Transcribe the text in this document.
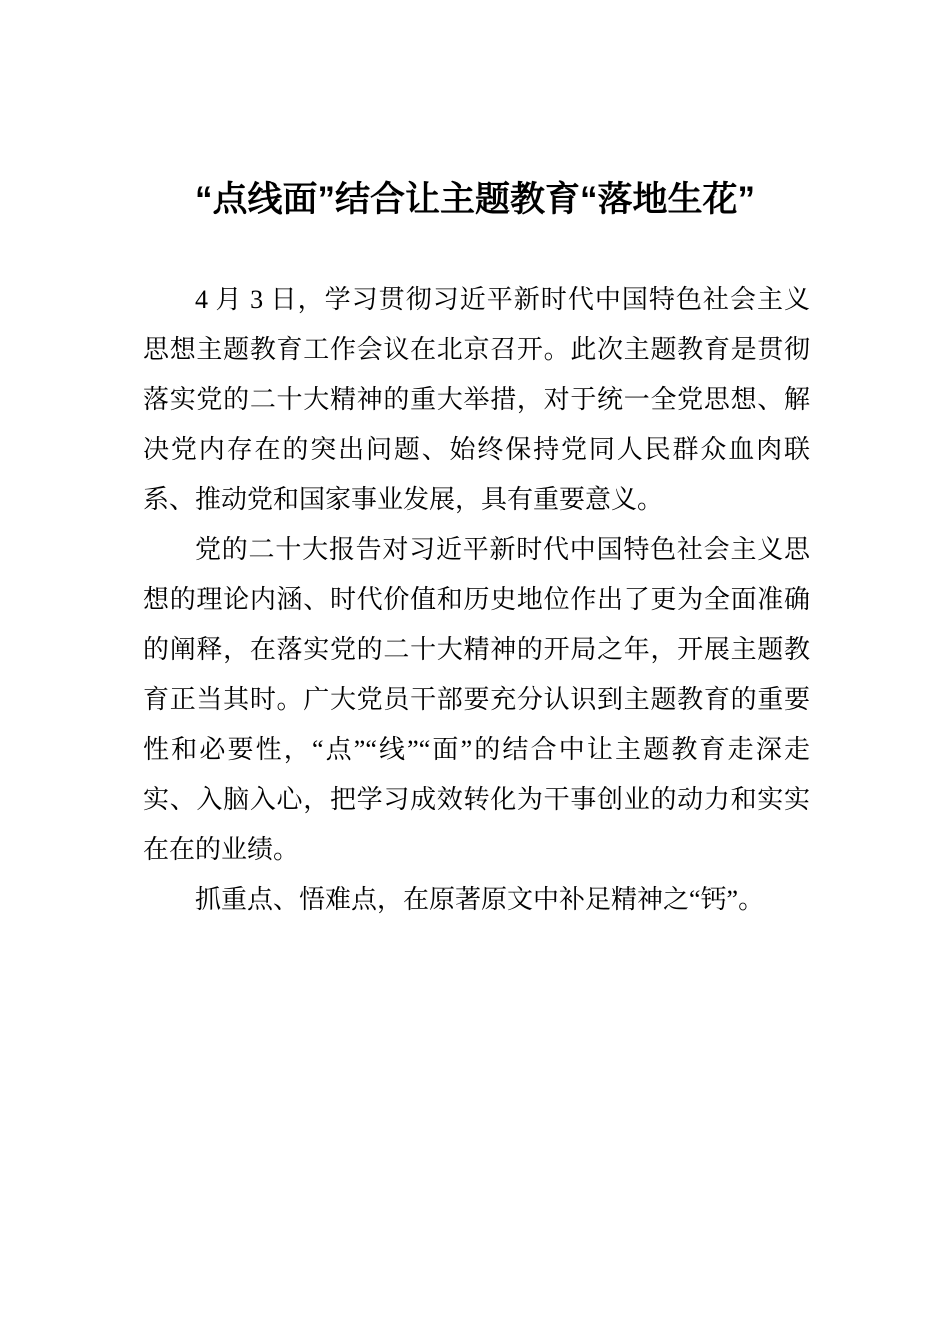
“点线面”结合让主题教育“落地生花”

4 月 3 日，学习贯彻习近平新时代中国特色社会主义思想主题教育工作会议在北京召开。此次主题教育是贯彻落实党的二十大精神的重大举措，对于统一全党思想、解决党内存在的突出问题、始终保持党同人民群众血肉联系、推动党和国家事业发展，具有重要意义。

党的二十大报告对习近平新时代中国特色社会主义思想的理论内涵、时代价值和历史地位作出了更为全面准确的阐释，在落实党的二十大精神的开局之年，开展主题教育正当其时。广大党员干部要充分认识到主题教育的重要性和必要性，“点”“线”“面”的结合中让主题教育走深走实、入脑入心，把学习成效转化为干事创业的动力和实实在在的业绩。

抓重点、悟难点，在原著原文中补足精神之“钙”。
